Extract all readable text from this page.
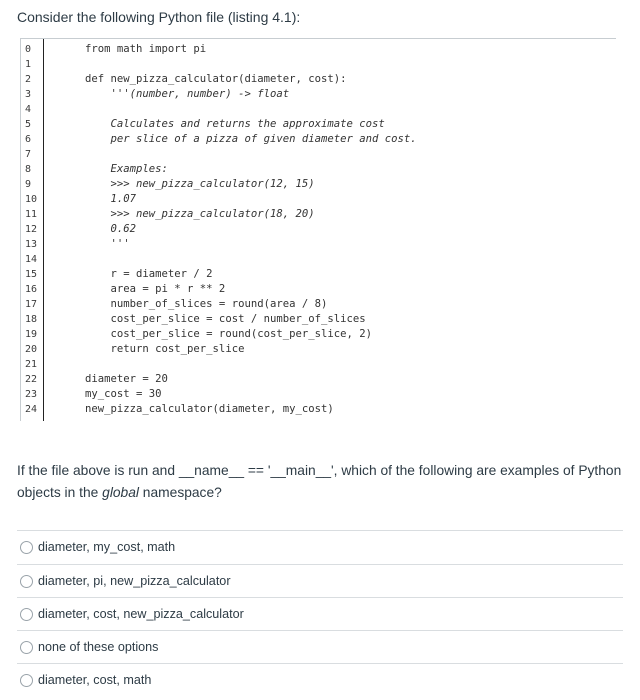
Consider the following Python file (listing 4.1):
0
1
2
3
4
5
6
7
8
9
10
11
12
13
14
15
16
17
18
19
20
21
22
23
24
from math import pi
def new_pizza_calculator(diameter, cost):
'''(number, number) -> float
Calculates and returns the approximate cost
per slice of a pizza of given diameter and cost.
Examples:
>>> new_pizza_calculator(12, 15)
1.07
>>> new_pizza_calculator(18, 20)
0.62
'''
r = diameter / 2
area = pi * r ** 2
number_of_slices = round(area / 8)
cost_per_slice = cost / number_of_slices
cost_per_slice = round(cost_per_slice, 2)
return cost_per_slice
diameter = 20
my_cost = 30
new_pizza_calculator(diameter, my_cost)
If the file above is run and __name__ == '__main__', which of the following are examples of Python objects in the global namespace?
diameter, my_cost, math
diameter, pi, new_pizza_calculator
diameter, cost, new_pizza_calculator
none of these options
diameter, cost, math
